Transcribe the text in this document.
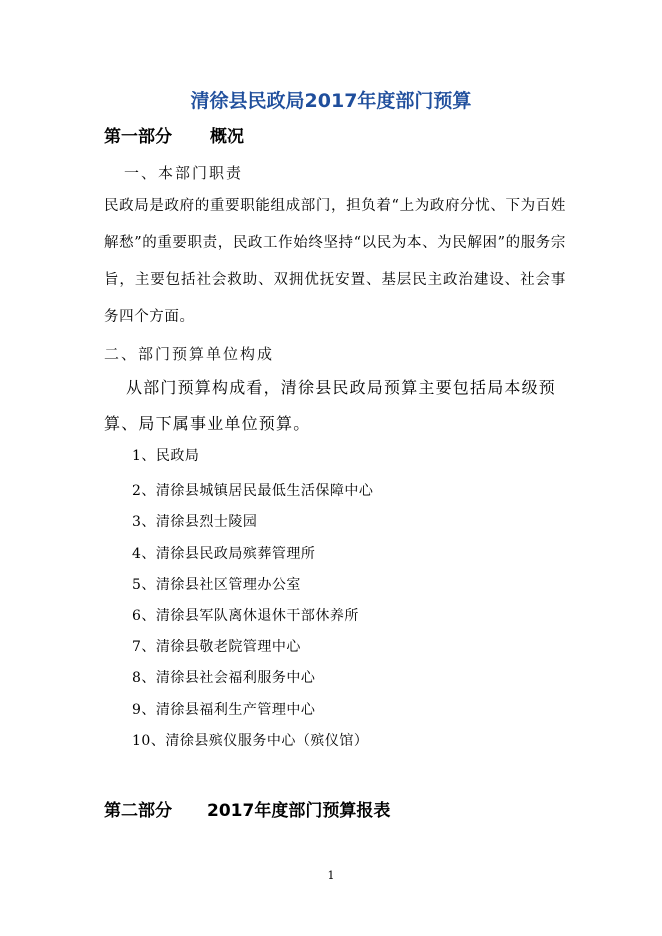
清徐县民政局2017年度部门预算
第一部分 概况
一、本部门职责
民政局是政府的重要职能组成部门，担负着“上为政府分忧、下为百姓解愁”的重要职责，民政工作始终坚持“以民为本、为民解困”的服务宗旨，主要包括社会救助、双拥优抚安置、基层民主政治建设、社会事务四个方面。
二、部门预算单位构成
从部门预算构成看，清徐县民政局预算主要包括局本级预算、局下属事业单位预算。
1、民政局
2、清徐县城镇居民最低生活保障中心
3、清徐县烈士陵园
4、清徐县民政局殡葬管理所
5、清徐县社区管理办公室
6、清徐县军队离休退休干部休养所
7、清徐县敬老院管理中心
8、清徐县社会福利服务中心
9、清徐县福利生产管理中心
10、清徐县殡仪服务中心（殡仪馆）
第二部分 2017年度部门预算报表
1
